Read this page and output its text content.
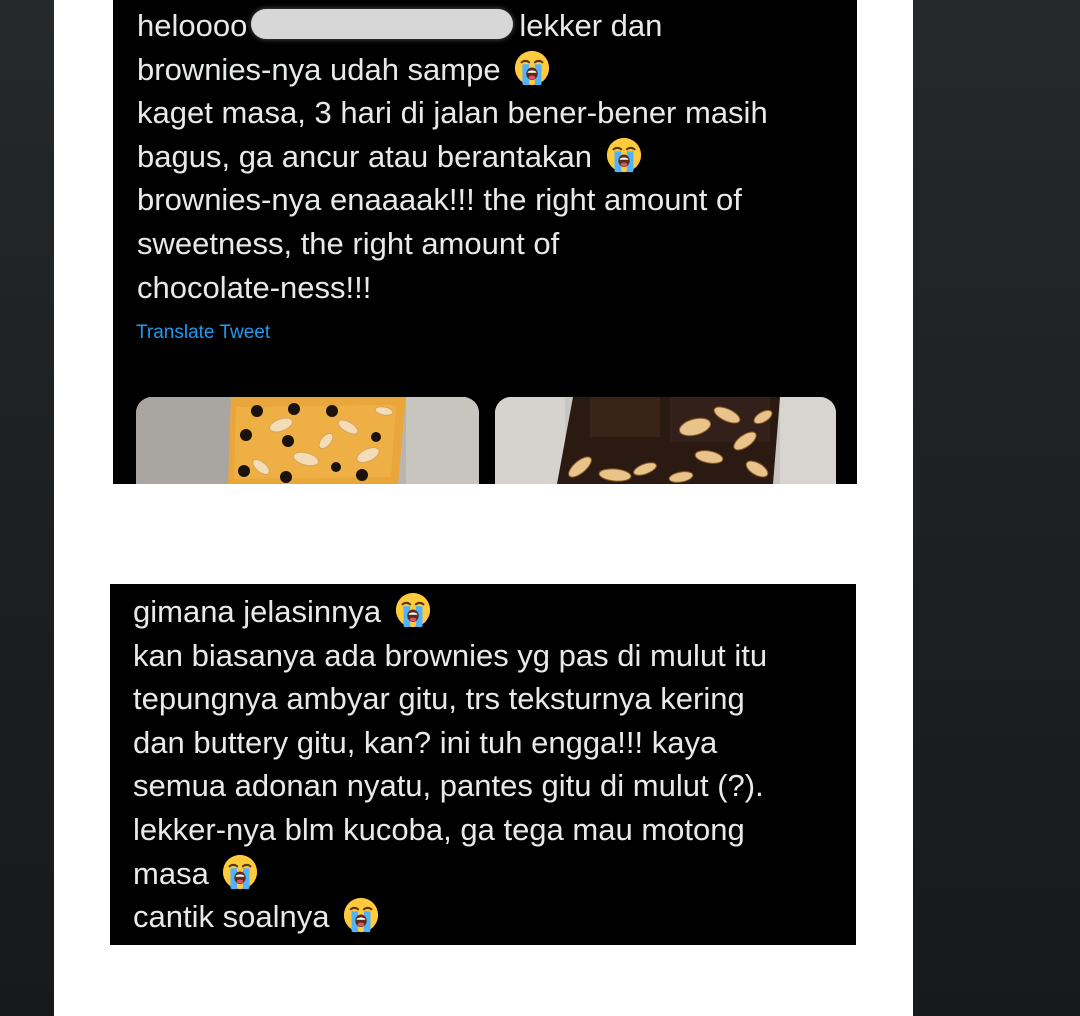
heloooo	lekker dan
brownies-nya udah sampe
kaget masa, 3 hari di jalan bener-bener masih
bagus, ga ancur atau berantakan
brownies-nya enaaaak!!! the right amount of
sweetness, the right amount of
chocolate-ness!!!
Translate Tweet
gimana jelasinnya
kan biasanya ada brownies yg pas di mulut itu
tepungnya ambyar gitu, trs teksturnya kering
dan buttery gitu, kan? ini tuh engga!!! kaya
semua adonan nyatu, pantes gitu di mulut (?).
lekker-nya blm kucoba, ga tega mau motong
masa
cantik soalnya
